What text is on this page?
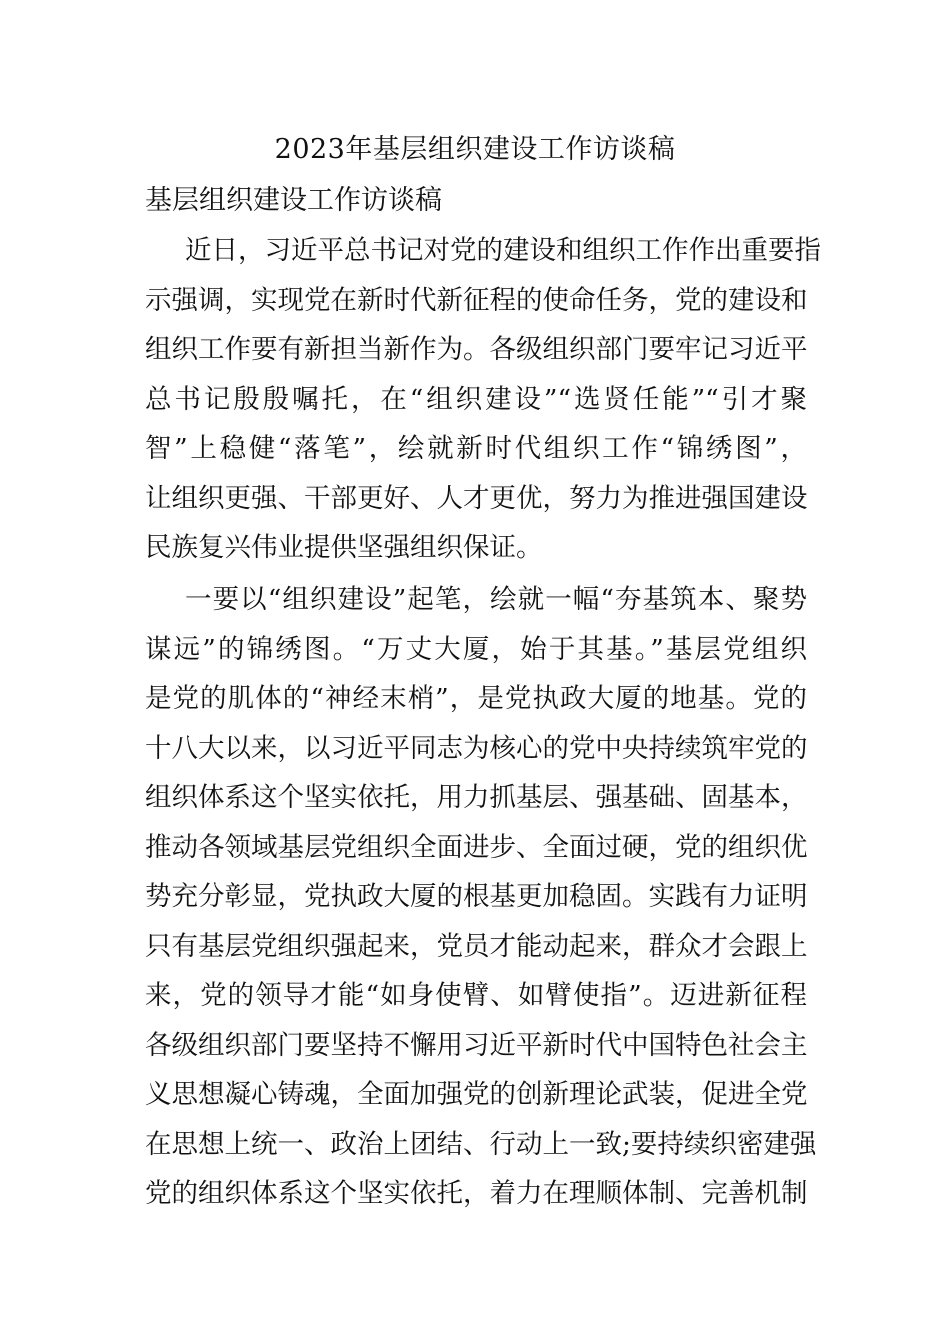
2023年基层组织建设工作访谈稿
基层组织建设工作访谈稿
近日，习近平总书记对党的建设和组织工作作出重要指
示强调，实现党在新时代新征程的使命任务，党的建设和
组织工作要有新担当新作为。各级组织部门要牢记习近平
总书记殷殷嘱托，在“组织建设”“选贤任能”“引才聚
智”上稳健“落笔”，绘就新时代组织工作“锦绣图”，
让组织更强、干部更好、人才更优，努力为推进强国建设
民族复兴伟业提供坚强组织保证。
一要以“组织建设”起笔，绘就一幅“夯基筑本、聚势
谋远”的锦绣图。“万丈大厦，始于其基。”基层党组织
是党的肌体的“神经末梢”，是党执政大厦的地基。党的
十八大以来，以习近平同志为核心的党中央持续筑牢党的
组织体系这个坚实依托，用力抓基层、强基础、固基本，
推动各领域基层党组织全面进步、全面过硬，党的组织优
势充分彰显，党执政大厦的根基更加稳固。实践有力证明
只有基层党组织强起来，党员才能动起来，群众才会跟上
来，党的领导才能“如身使臂、如臂使指”。迈进新征程
各级组织部门要坚持不懈用习近平新时代中国特色社会主
义思想凝心铸魂，全面加强党的创新理论武装，促进全党
在思想上统一、政治上团结、行动上一致;要持续织密建强
党的组织体系这个坚实依托，着力在理顺体制、完善机制
